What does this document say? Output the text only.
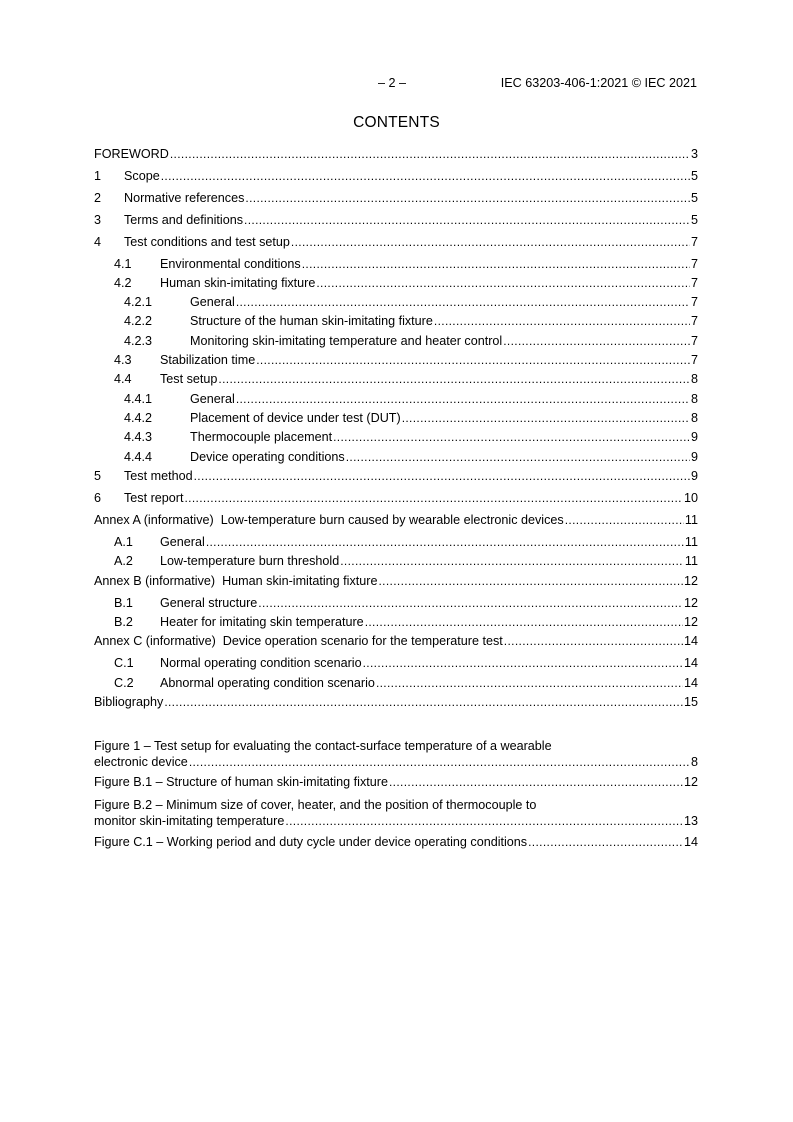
– 2 –	IEC 63203-406-1:2021 © IEC 2021
CONTENTS
FOREWORD .....	3
1	Scope .....	5
2	Normative references .....	5
3	Terms and definitions .....	5
4	Test conditions and test setup .....	7
4.1	Environmental conditions .....	7
4.2	Human skin-imitating fixture .....	7
4.2.1	General .....	7
4.2.2	Structure of the human skin-imitating fixture .....	7
4.2.3	Monitoring skin-imitating temperature and heater control .....	7
4.3	Stabilization time .....	7
4.4	Test setup .....	8
4.4.1	General .....	8
4.4.2	Placement of device under test (DUT) .....	8
4.4.3	Thermocouple placement .....	9
4.4.4	Device operating conditions .....	9
5	Test method .....	9
6	Test report .....	10
Annex A (informative)  Low-temperature burn caused by wearable electronic devices .....	11
A.1	General .....	11
A.2	Low-temperature burn threshold .....	11
Annex B (informative)  Human skin-imitating fixture .....	12
B.1	General structure .....	12
B.2	Heater for imitating skin temperature .....	12
Annex C (informative)  Device operation scenario for the temperature test .....	14
C.1	Normal operating condition scenario .....	14
C.2	Abnormal operating condition scenario .....	14
Bibliography .....	15
Figure 1 – Test setup for evaluating the contact-surface temperature of a wearable
electronic device .....	8
Figure B.1 – Structure of human skin-imitating fixture .....	12
Figure B.2 – Minimum size of cover, heater, and the position of thermocouple to
monitor skin-imitating temperature .....	13
Figure C.1 – Working period and duty cycle under device operating conditions .....	14
